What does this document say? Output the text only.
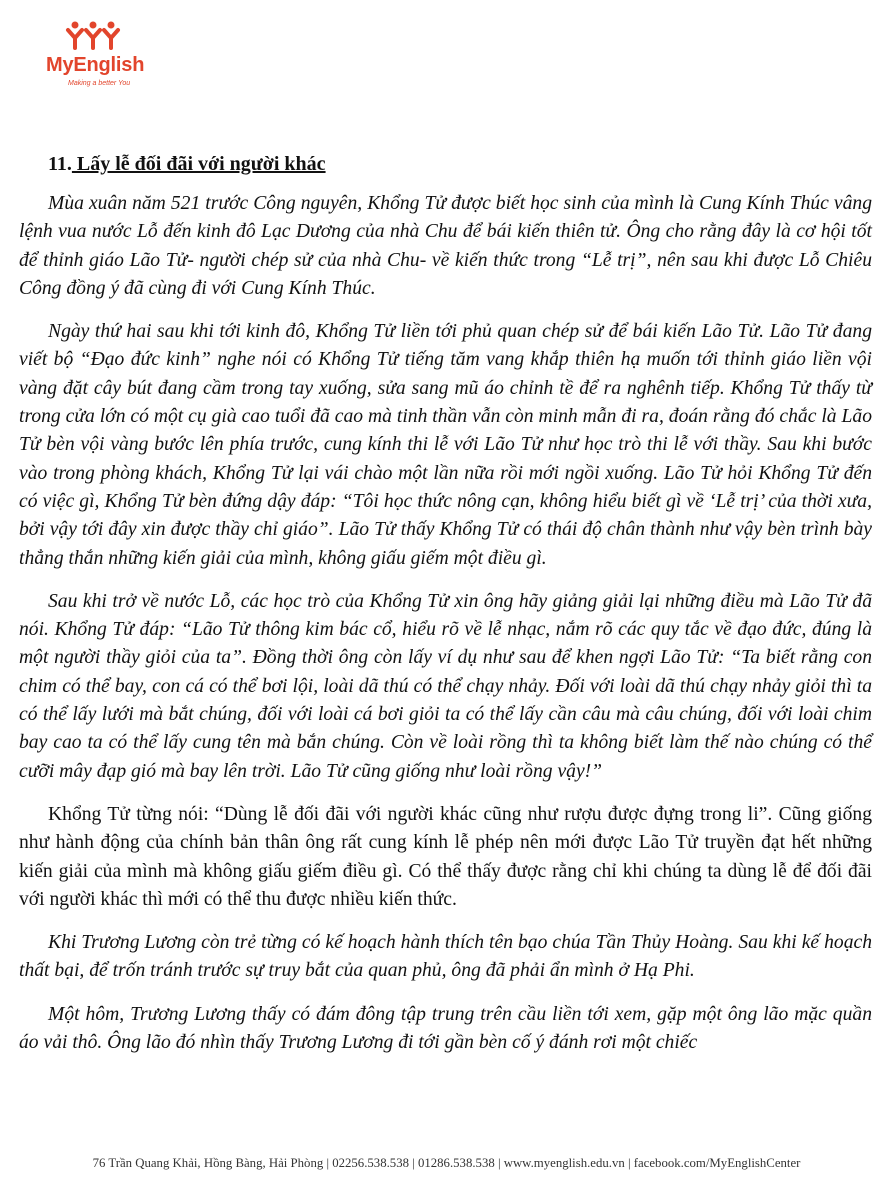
MyEnglish
Making a better You
11. Lấy lễ đối đãi với người khác

Mùa xuân năm 521 trước Công nguyên, Khổng Tử được biết học sinh của mình là Cung Kính Thúc vâng lệnh vua nước Lỗ đến kinh đô Lạc Dương của nhà Chu để bái kiến thiên tử. Ông cho rằng đây là cơ hội tốt để thỉnh giáo Lão Tử- người chép sử của nhà Chu- về kiến thức trong “Lễ trị”, nên sau khi được Lỗ Chiêu Công đồng ý đã cùng đi với Cung Kính Thúc.

Ngày thứ hai sau khi tới kinh đô, Khổng Tử liền tới phủ quan chép sử để bái kiến Lão Tử. Lão Tử đang viết bộ “Đạo đức kinh” nghe nói có Khổng Tử tiếng tăm vang khắp thiên hạ muốn tới thỉnh giáo liền vội vàng đặt cây bút đang cầm trong tay xuống, sửa sang mũ áo chỉnh tề để ra nghênh tiếp. Khổng Tử thấy từ trong cửa lớn có một cụ già cao tuổi đã cao mà tinh thần vẫn còn minh mẫn đi ra, đoán rằng đó chắc là Lão Tử bèn vội vàng bước lên phía trước, cung kính thi lễ với Lão Tử như học trò thi lễ với thầy. Sau khi bước vào trong phòng khách, Khổng Tử lại vái chào một lần nữa rồi mới ngồi xuống. Lão Tử hỏi Khổng Tử đến có việc gì, Khổng Tử bèn đứng dậy đáp: “Tôi học thức nông cạn, không hiểu biết gì về ‘Lễ trị’ của thời xưa, bởi vậy tới đây xin được thầy chỉ giáo”. Lão Tử thấy Khổng Tử có thái độ chân thành như vậy bèn trình bày thẳng thắn những kiến giải của mình, không giấu giếm một điều gì.

Sau khi trở về nước Lỗ, các học trò của Khổng Tử xin ông hãy giảng giải lại những điều mà Lão Tử đã nói. Khổng Tử đáp: “Lão Tử thông kim bác cổ, hiểu rõ về lễ nhạc, nắm rõ các quy tắc về đạo đức, đúng là một người thầy giỏi của ta”. Đồng thời ông còn lấy ví dụ như sau để khen ngợi Lão Tử: “Ta biết rằng con chim có thể bay, con cá có thể bơi lội, loài dã thú có thể chạy nhảy. Đối với loài dã thú chạy nhảy giỏi thì ta có thể lấy lưới mà bắt chúng, đối với loài cá bơi giỏi ta có thể lấy cần câu mà câu chúng, đối với loài chim bay cao ta có thể lấy cung tên mà bắn chúng. Còn về loài rồng thì ta không biết làm thế nào chúng có thể cưỡi mây đạp gió mà bay lên trời. Lão Tử cũng giống như loài rồng vậy!”

Khổng Tử từng nói: “Dùng lễ đối đãi với người khác cũng như rượu được đựng trong li”. Cũng giống như hành động của chính bản thân ông rất cung kính lễ phép nên mới được Lão Tử truyền đạt hết những kiến giải của mình mà không giấu giếm điều gì. Có thể thấy được rằng chỉ khi chúng ta dùng lễ để đối đãi với người khác thì mới có thể thu được nhiều kiến thức.

Khi Trương Lương còn trẻ từng có kế hoạch hành thích tên bạo chúa Tần Thủy Hoàng. Sau khi kế hoạch thất bại, để trốn tránh trước sự truy bắt của quan phủ, ông đã phải ẩn mình ở Hạ Phi.

Một hôm, Trương Lương thấy có đám đông tập trung trên cầu liền tới xem, gặp một ông lão mặc quần áo vải thô. Ông lão đó nhìn thấy Trương Lương đi tới gần bèn cố ý đánh rơi một chiếc

76 Trần Quang Khải, Hồng Bàng, Hải Phòng | 02256.538.538 | 01286.538.538 | www.myenglish.edu.vn | facebook.com/MyEnglishCenter
